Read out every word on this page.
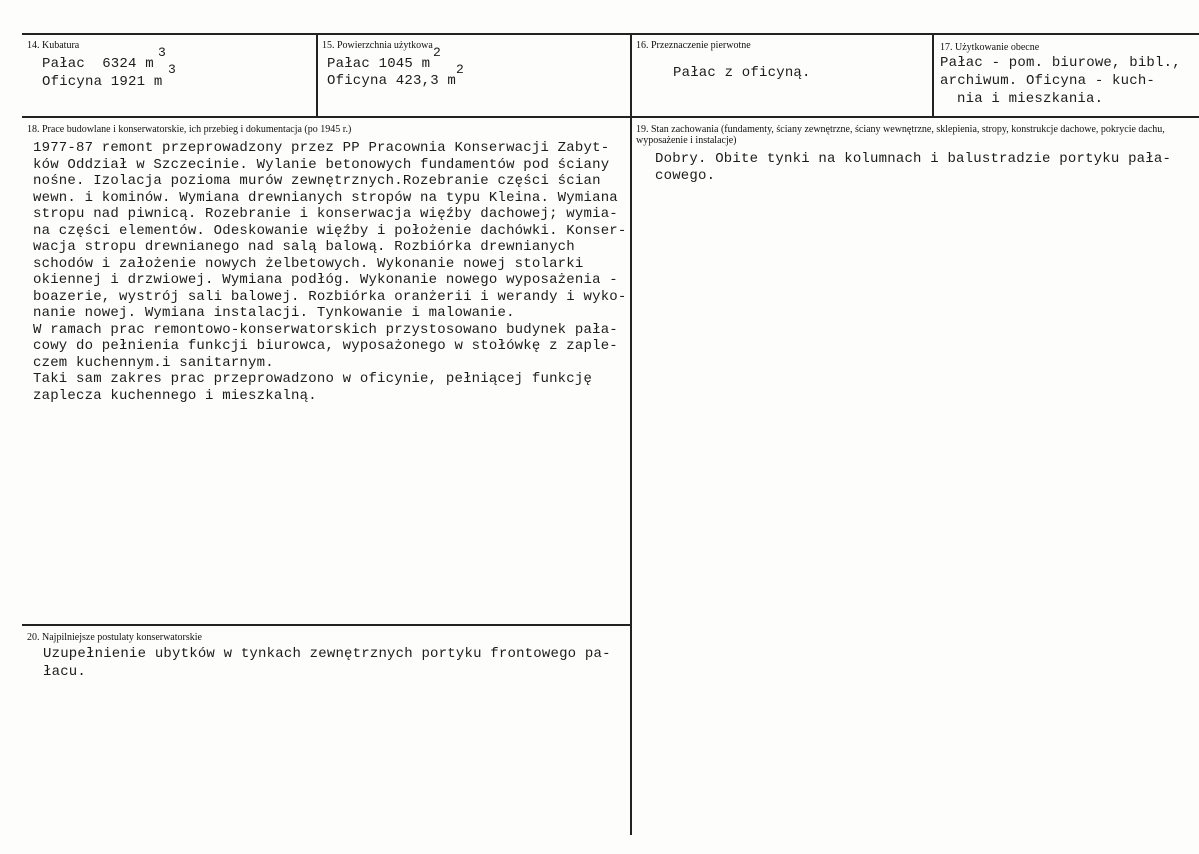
14. Kubatura
Pałac  6324 m
3
Oficyna 1921 m
3
15. Powierzchnia użytkowa
Pałac 1045 m
2
Oficyna 423,3 m
2
16. Przeznaczenie pierwotne
Pałac z oficyną.
17. Użytkowanie obecne
Pałac - pom. biurowe, bibl.,
archiwum. Oficyna - kuch-
nia i mieszkania.
18. Prace budowlane i konserwatorskie, ich przebieg i dokumentacja (po 1945 r.)
1977-87 remont przeprowadzony przez PP Pracownia Konserwacji Zabyt-
ków Oddział w Szczecinie. Wylanie betonowych fundamentów pod ściany
nośne. Izolacja pozioma murów zewnętrznych.Rozebranie części ścian
wewn. i kominów. Wymiana drewnianych stropów na typu Kleina. Wymiana
stropu nad piwnicą. Rozebranie i konserwacja więźby dachowej; wymia-
na części elementów. Odeskowanie więźby i położenie dachówki. Konser-
wacja stropu drewnianego nad salą balową. Rozbiórka drewnianych
schodów i założenie nowych żelbetowych. Wykonanie nowej stolarki
okiennej i drzwiowej. Wymiana podłóg. Wykonanie nowego wyposażenia -
boazerie, wystrój sali balowej. Rozbiórka oranżerii i werandy i wyko-
nanie nowej. Wymiana instalacji. Tynkowanie i malowanie.
W ramach prac remontowo-konserwatorskich przystosowano budynek pała-
cowy do pełnienia funkcji biurowca, wyposażonego w stołówkę z zaple-
czem kuchennym.i sanitarnym.
Taki sam zakres prac przeprowadzono w oficynie, pełniącej funkcję
zaplecza kuchennego i mieszkalną.
19. Stan zachowania (fundamenty, ściany zewnętrzne, ściany wewnętrzne, sklepienia, stropy, konstrukcje dachowe, pokrycie dachu, wyposażenie i instalacje)
Dobry. Obite tynki na kolumnach i balustradzie portyku pała-
cowego.
20. Najpilniejsze postulaty konserwatorskie
Uzupełnienie ubytków w tynkach zewnętrznych portyku frontowego pa-
łacu.
